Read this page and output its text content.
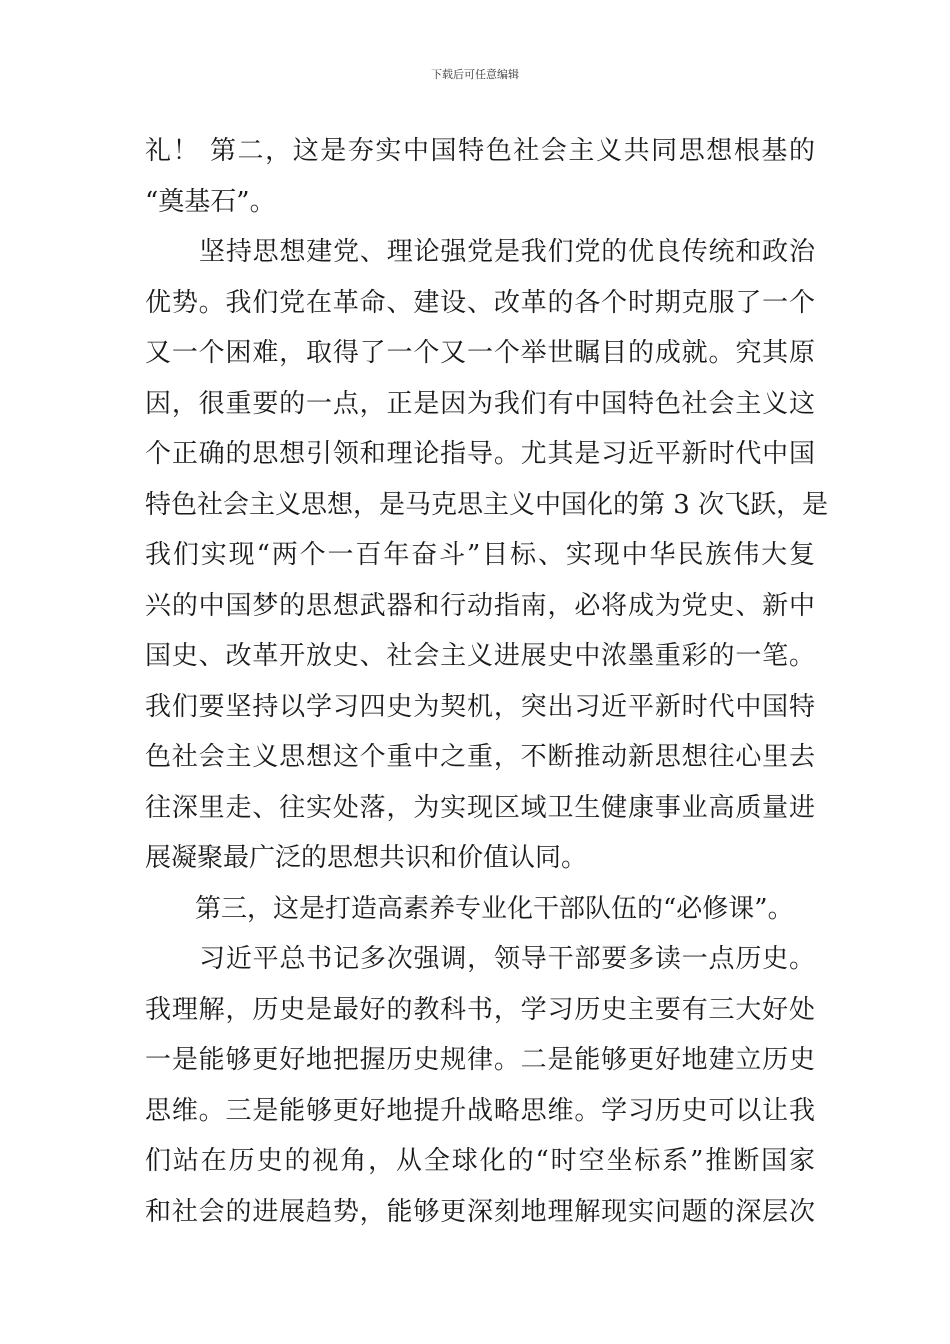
下载后可任意编辑
礼！ 第二，这是夯实中国特色社会主义共同思想根基的
“奠基石”。
坚持思想建党、理论强党是我们党的优良传统和政治
优势。我们党在革命、建设、改革的各个时期克服了一个
又一个困难，取得了一个又一个举世瞩目的成就。究其原
因，很重要的一点，正是因为我们有中国特色社会主义这
个正确的思想引领和理论指导。尤其是习近平新时代中国
特色社会主义思想，是马克思主义中国化的第 3 次飞跃，是
我们实现“两个一百年奋斗”目标、实现中华民族伟大复
兴的中国梦的思想武器和行动指南，必将成为党史、新中
国史、改革开放史、社会主义进展史中浓墨重彩的一笔。
我们要坚持以学习四史为契机，突出习近平新时代中国特
色社会主义思想这个重中之重，不断推动新思想往心里去
往深里走、往实处落，为实现区域卫生健康事业高质量进
展凝聚最广泛的思想共识和价值认同。
第三，这是打造高素养专业化干部队伍的“必修课”。
习近平总书记多次强调，领导干部要多读一点历史。
我理解，历史是最好的教科书，学习历史主要有三大好处
一是能够更好地把握历史规律。二是能够更好地建立历史
思维。三是能够更好地提升战略思维。学习历史可以让我
们站在历史的视角，从全球化的“时空坐标系”推断国家
和社会的进展趋势，能够更深刻地理解现实问题的深层次
